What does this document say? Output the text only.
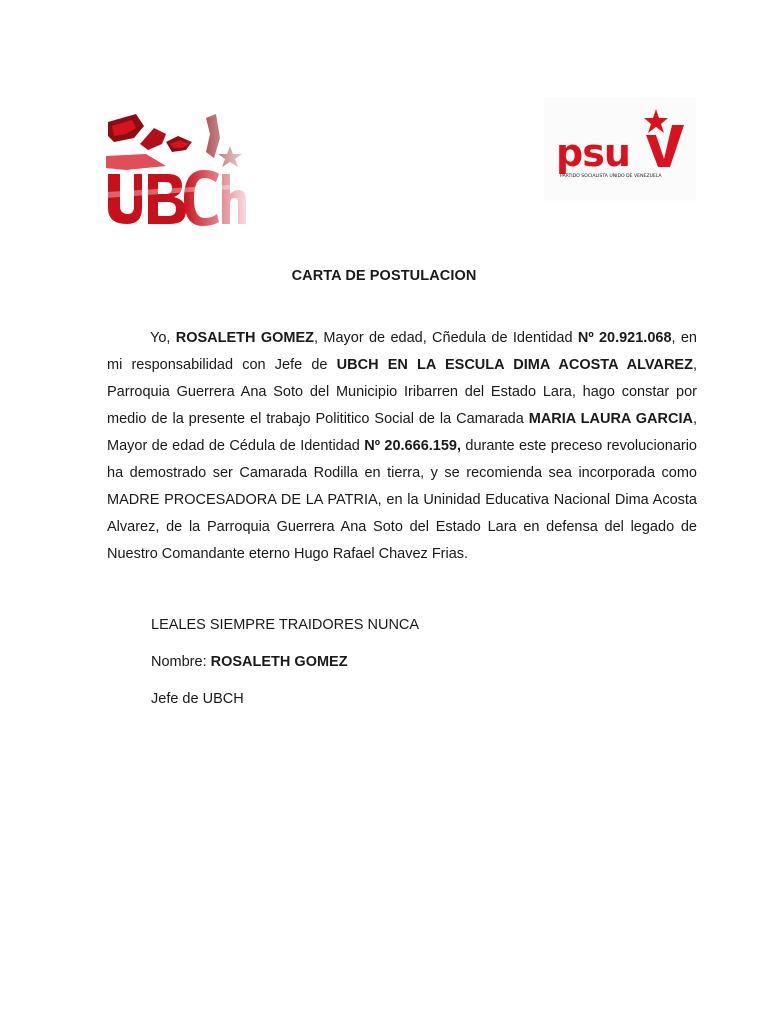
psu
PARTIDO SOCIALISTA UNIDO DE VENEZUELA
CARTA DE POSTULACION

Yo, ROSALETH GOMEZ, Mayor de edad, Cñedula de Identidad Nº 20.921.068, en mi responsabilidad con Jefe de UBCH EN LA ESCULA DIMA ACOSTA ALVAREZ, Parroquia Guerrera Ana Soto del Municipio Iribarren del Estado Lara, hago constar por medio de la presente el trabajo Polititico Social de la Camarada MARIA LAURA GARCIA, Mayor de edad de Cédula de Identidad Nº 20.666.159, durante este preceso revolucionario ha demostrado ser Camarada Rodilla en tierra, y se recomienda sea incorporada como MADRE PROCESADORA DE LA PATRIA, en la Uninidad Educativa Nacional Dima Acosta Alvarez, de la Parroquia Guerrera Ana Soto del Estado Lara en defensa del legado de Nuestro Comandante eterno Hugo Rafael Chavez Frias.

LEALES SIEMPRE TRAIDORES NUNCA
Nombre: ROSALETH GOMEZ
Jefe de UBCH
